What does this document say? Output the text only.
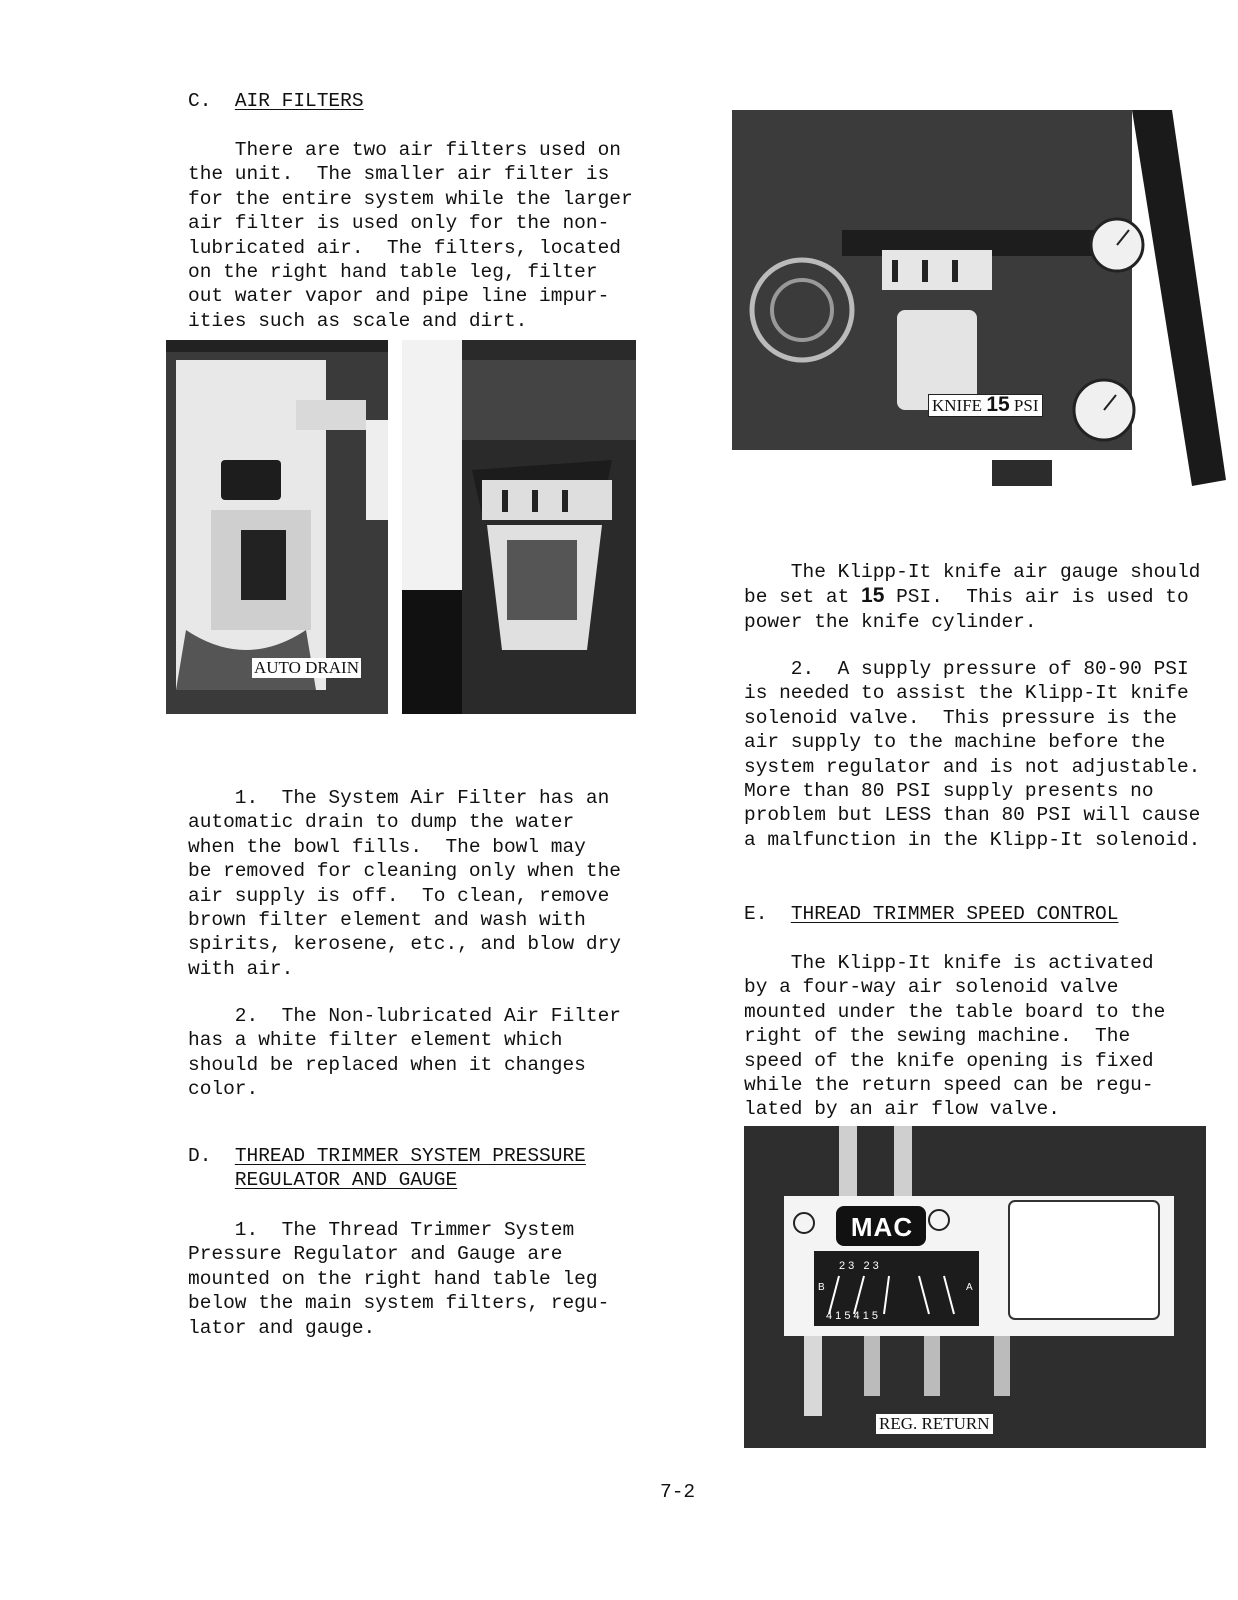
C. AIR FILTERS
There are two air filters used on
the unit.  The smaller air filter is
for the entire system while the larger
air filter is used only for the non-
lubricated air.  The filters, located
on the right hand table leg, filter
out water vapor and pipe line impur-
ities such as scale and dirt.
AUTO DRAIN
1.  The System Air Filter has an
automatic drain to dump the water
when the bowl fills.  The bowl may
be removed for cleaning only when the
air supply is off.  To clean, remove
brown filter element and wash with
spirits, kerosene, etc., and blow dry
with air.
2.  The Non-lubricated Air Filter
has a white filter element which
should be replaced when it changes
color.
D. THREAD TRIMMER SYSTEM PRESSURE
REGULATOR AND GAUGE
1.  The Thread Trimmer System
Pressure Regulator and Gauge are
mounted on the right hand table leg
below the main system filters, regu-
lator and gauge.
KNIFE 15 PSI
The Klipp-It knife air gauge should
be set at 15 PSI.  This air is used to
power the knife cylinder.
2.  A supply pressure of 80-90 PSI
is needed to assist the Klipp-It knife
solenoid valve.  This pressure is the
air supply to the machine before the
system regulator and is not adjustable.
More than 80 PSI supply presents no
problem but LESS than 80 PSI will cause
a malfunction in the Klipp-It solenoid.
E. THREAD TRIMMER SPEED CONTROL
The Klipp-It knife is activated
by a four-way air solenoid valve
mounted under the table board to the
right of the sewing machine.  The
speed of the knife opening is fixed
while the return speed can be regu-
lated by an air flow valve.
MAC
2 3   2 3
4 1 5 4 1 5
B	A
REG. RETURN
7-2
